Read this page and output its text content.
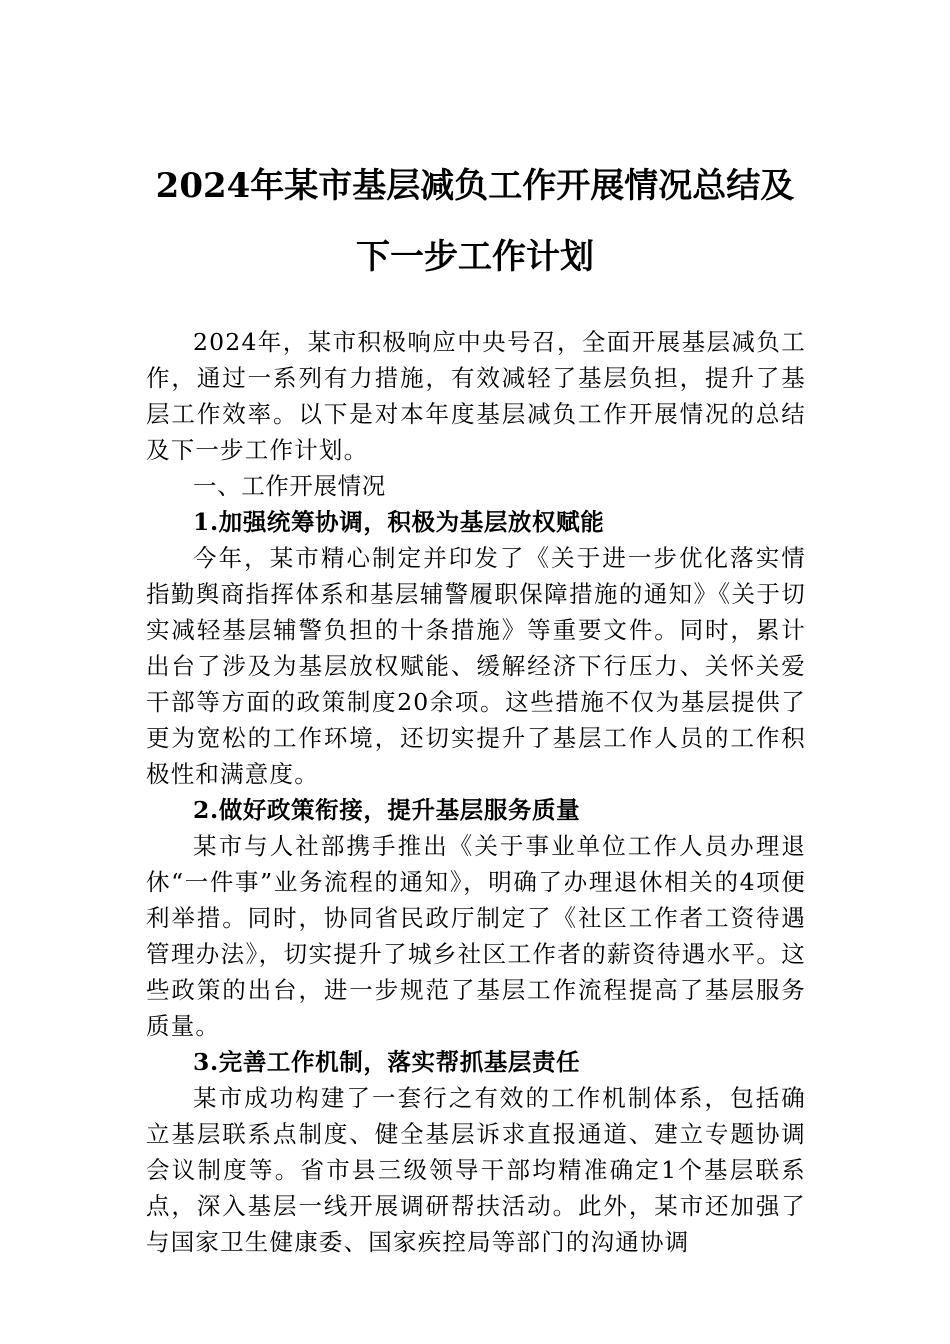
2024年某市基层减负工作开展情况总结及
下一步工作计划

2024年，某市积极响应中央号召，全面开展基层减负工作，通过一系列有力措施，有效减轻了基层负担，提升了基层工作效率。以下是对本年度基层减负工作开展情况的总结及下一步工作计划。

一、工作开展情况

1.加强统筹协调，积极为基层放权赋能

今年，某市精心制定并印发了《关于进一步优化落实情指勤舆商指挥体系和基层辅警履职保障措施的通知》《关于切实减轻基层辅警负担的十条措施》等重要文件。同时，累计出台了涉及为基层放权赋能、缓解经济下行压力、关怀关爱干部等方面的政策制度20余项。这些措施不仅为基层提供了更为宽松的工作环境，还切实提升了基层工作人员的工作积极性和满意度。

2.做好政策衔接，提升基层服务质量

某市与人社部携手推出《关于事业单位工作人员办理退休“一件事”业务流程的通知》，明确了办理退休相关的4项便利举措。同时，协同省民政厅制定了《社区工作者工资待遇管理办法》，切实提升了城乡社区工作者的薪资待遇水平。这些政策的出台，进一步规范了基层工作流程提高了基层服务质量。

3.完善工作机制，落实帮抓基层责任

某市成功构建了一套行之有效的工作机制体系，包括确立基层联系点制度、健全基层诉求直报通道、建立专题协调会议制度等。省市县三级领导干部均精准确定1个基层联系点，深入基层一线开展调研帮扶活动。此外，某市还加强了与国家卫生健康委、国家疾控局等部门的沟通协调
